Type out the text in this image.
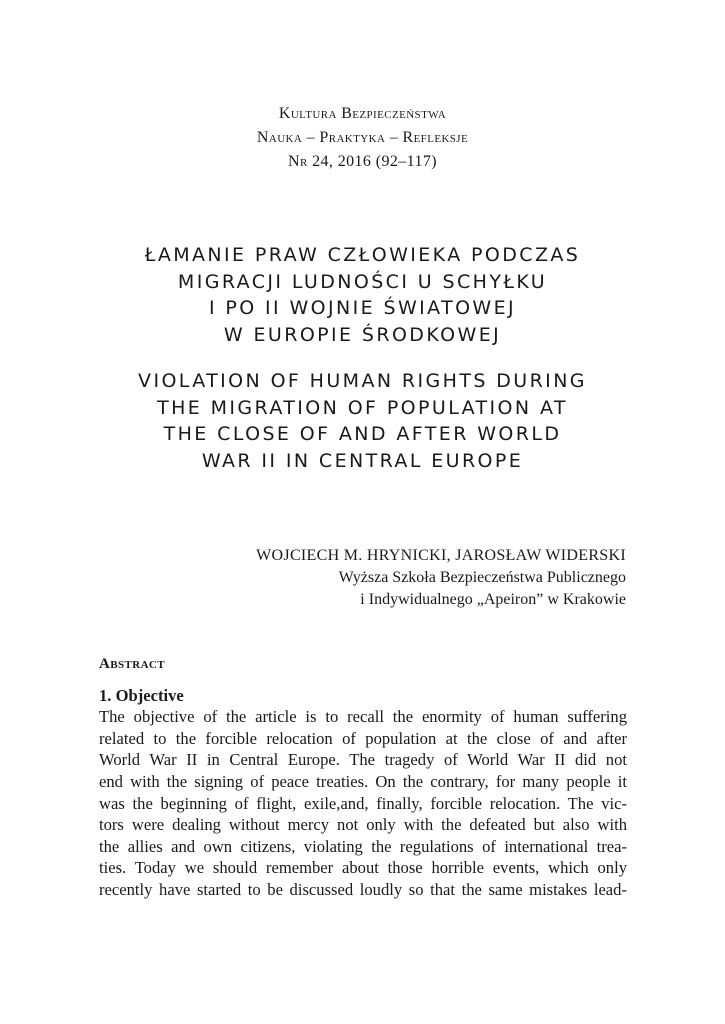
Kultura Bezpieczeństwa
Nauka – Praktyka – Refleksje
Nr 24, 2016 (92–117)
ŁAMANIE PRAW CZŁOWIEKA PODCZAS
MIGRACJI LUDNOŚCI U SCHYŁKU
I PO II WOJNIE ŚWIATOWEJ
W EUROPIE ŚRODKOWEJ
VIOLATION OF HUMAN RIGHTS DURING
THE MIGRATION OF POPULATION AT
THE CLOSE OF AND AFTER WORLD
WAR II IN CENTRAL EUROPE
WOJCIECH M. HRYNICKI, JAROSŁAW WIDERSKI
Wyższa Szkoła Bezpieczeństwa Publicznego
i Indywidualnego „Apeiron” w Krakowie
Abstract
1. Objective
The objective of the article is to recall the enormity of human suffering
related to the forcible relocation of population at the close of and after
World War II in Central Europe. The tragedy of World War II did not
end with the signing of peace treaties. On the contrary, for many people it
was the beginning of flight, exile,and, finally, forcible relocation. The vic-
tors were dealing without mercy not only with the defeated but also with
the allies and own citizens, violating the regulations of international trea-
ties. Today we should remember about those horrible events, which only
recently have started to be discussed loudly so that the same mistakes lead-
